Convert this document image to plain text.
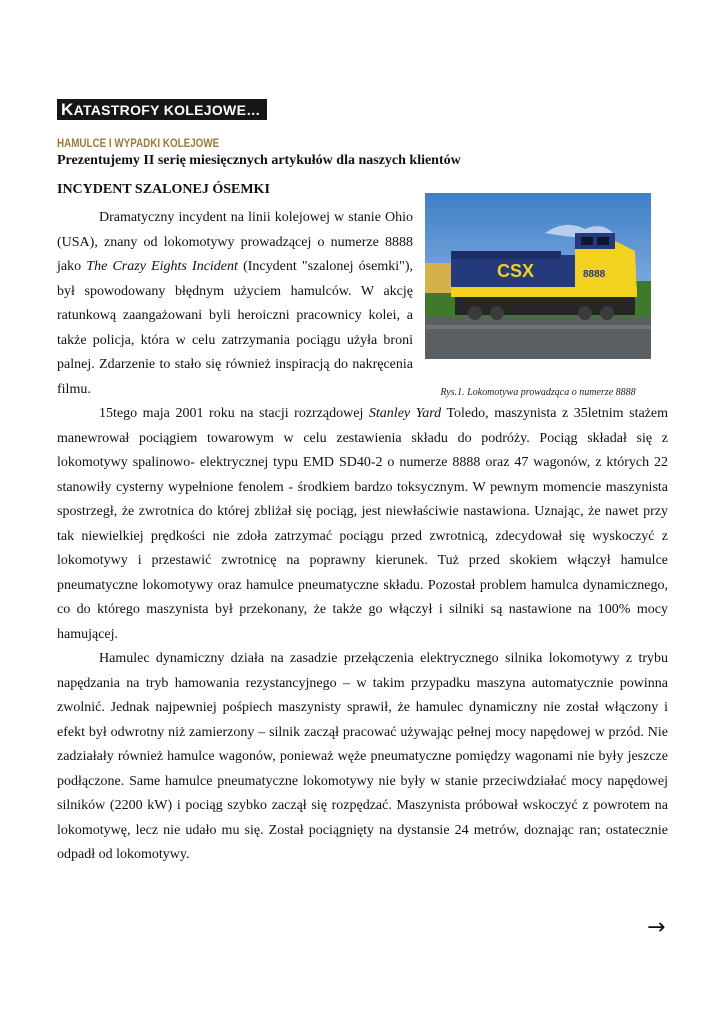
KATASTROFY KOLEJOWE…
HAMULCE I WYPADKI KOLEJOWE
Prezentujemy II serię miesięcznych artykułów dla naszych klientów
INCYDENT SZALONEJ ÓSEMKI
Dramatyczny incydent na linii kolejowej w stanie Ohio (USA), znany od lokomotywy prowadzącej o numerze 8888 jako The Crazy Eights Incident (Incydent "szalonej ósemki"), był spowodowany błędnym użyciem hamulców. W akcję ratunkową zaangażowani byli heroiczni pracownicy kolei, a także policja, która w celu zatrzymania pociągu użyła broni palnej. Zdarzenie to stało się również inspiracją do nakręcenia filmu.

15tego maja 2001 roku na stacji rozrządowej Stanley Yard Toledo, maszynista z 35letnim stażem manewrował pociągiem towarowym w celu zestawienia składu do podróży. Pociąg składał się z lokomotywy spalinowo- elektrycznej typu EMD SD40-2 o numerze 8888 oraz 47 wagonów, z których 22 stanowiły cysterny wypełnione fenolem - środkiem bardzo toksycznym. W pewnym momencie maszynista spostrzegł, że zwrotnica do której zbliżał się pociąg, jest niewłaściwie nastawiona. Uznając, że nawet przy tak niewielkiej prędkości nie zdoła zatrzymać pociągu przed zwrotnicą, zdecydował się wyskoczyć z lokomotywy i przestawić zwrotnicę na poprawny kierunek. Tuż przed skokiem włączył hamulce pneumatyczne lokomotywy oraz hamulce pneumatyczne składu. Pozostał problem hamulca dynamicznego, co do którego maszynista był przekonany, że także go włączył i silniki są nastawione na 100% mocy hamującej.

Hamulec dynamiczny działa na zasadzie przełączenia elektrycznego silnika lokomotywy z trybu napędzania na tryb hamowania rezystancyjnego – w takim przypadku maszyna automatycznie powinna zwolnić. Jednak najpewniej pośpiech maszynisty sprawił, że hamulec dynamiczny nie został włączony i efekt był odwrotny niż zamierzony – silnik zaczął pracować używając pełnej mocy napędowej w przód. Nie zadziałały również hamulce wagonów, ponieważ węże pneumatyczne pomiędzy wagonami nie były jeszcze podłączone. Same hamulce pneumatyczne lokomotywy nie były w stanie przeciwdziałać mocy napędowej silników (2200 kW) i pociąg szybko zaczął się rozpędzać. Maszynista próbował wskoczyć z powrotem na lokomotywę, lecz nie udało mu się. Został pociągnięty na dystansie 24 metrów, doznając ran; ostatecznie odpadł od lokomotywy.

CSX	8888
Rys.1. Lokomotywa prowadząca o numerze 8888
→
